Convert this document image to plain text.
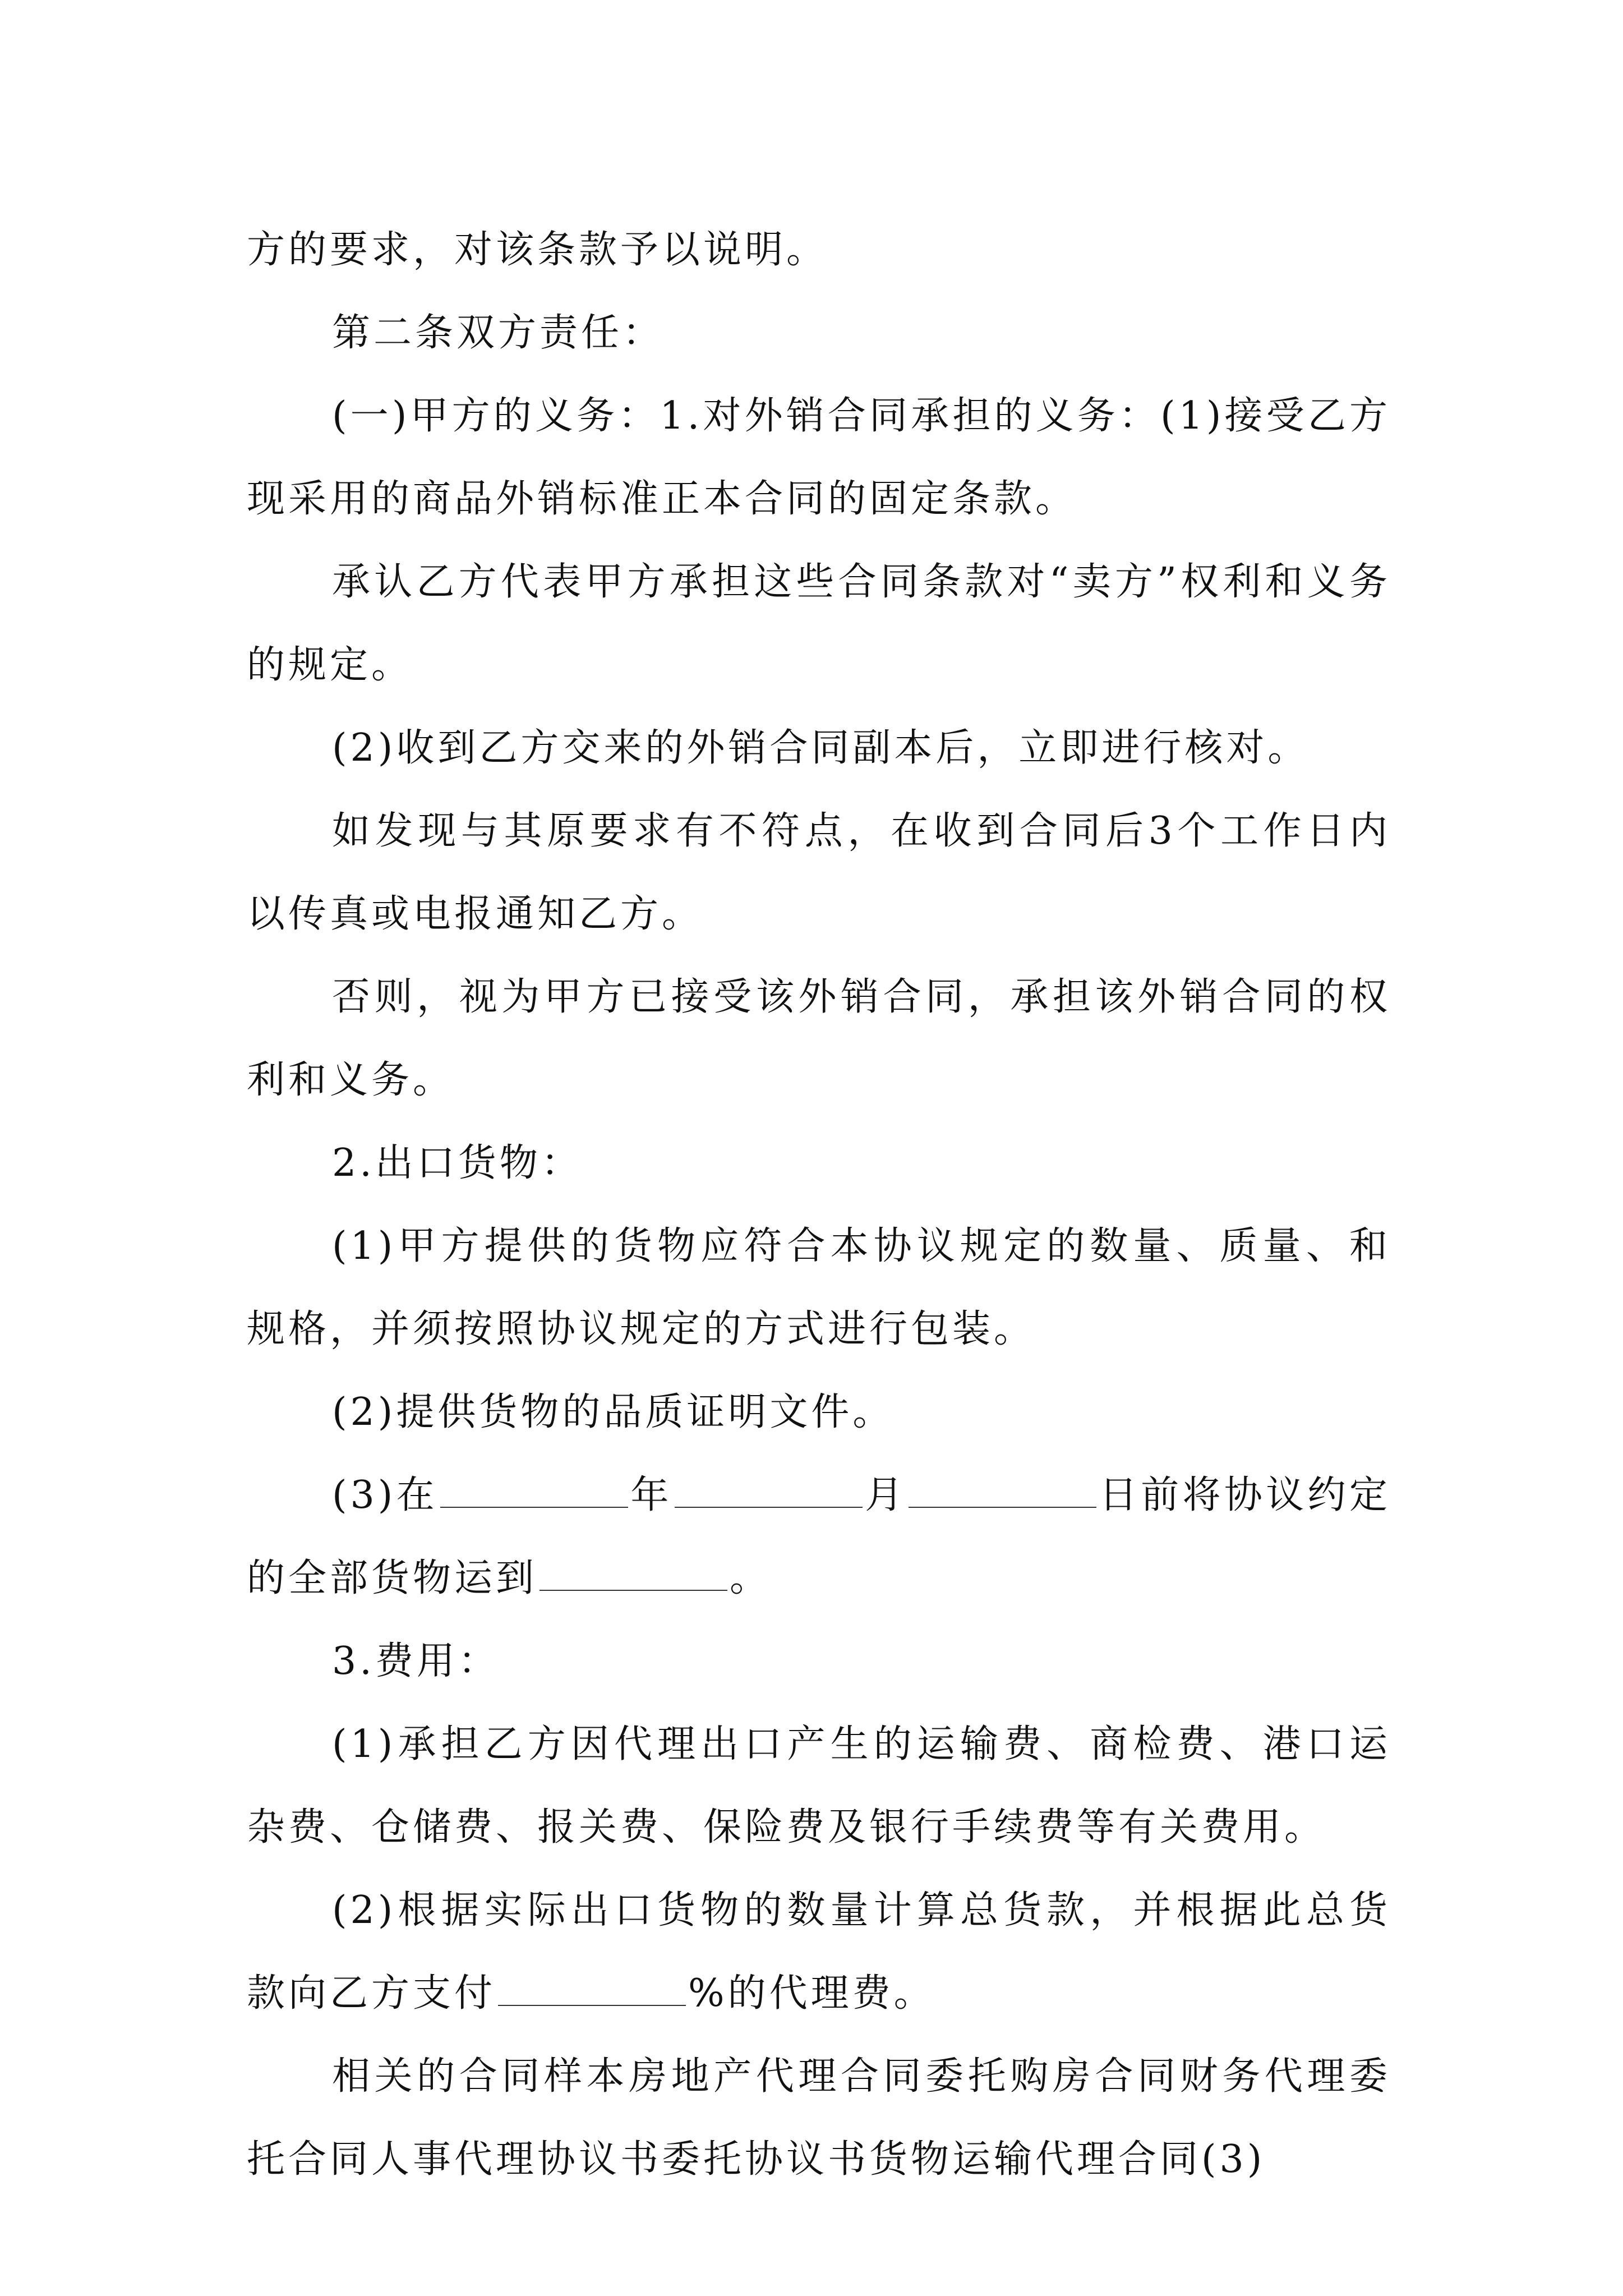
方的要求，对该条款予以说明。

第二条双方责任：

(一)甲方的义务：1.对外销合同承担的义务：(1)接受乙方现采用的商品外销标准正本合同的固定条款。

承认乙方代表甲方承担这些合同条款对“卖方”权利和义务的规定。

(2)收到乙方交来的外销合同副本后，立即进行核对。

如发现与其原要求有不符点，在收到合同后3个工作日内以传真或电报通知乙方。

否则，视为甲方已接受该外销合同，承担该外销合同的权利和义务。

2.出口货物：

(1)甲方提供的货物应符合本协议规定的数量、质量、和规格，并须按照协议规定的方式进行包装。

(2)提供货物的品质证明文件。

(3)在	年	月	日前将协议约定的全部货物运到	。

3.费用：

(1)承担乙方因代理出口产生的运输费、商检费、港口运杂费、仓储费、报关费、保险费及银行手续费等有关费用。

(2)根据实际出口货物的数量计算总货款，并根据此总货款向乙方支付	%的代理费。

相关的合同样本房地产代理合同委托购房合同财务代理委托合同人事代理协议书委托协议书货物运输代理合同(3)
